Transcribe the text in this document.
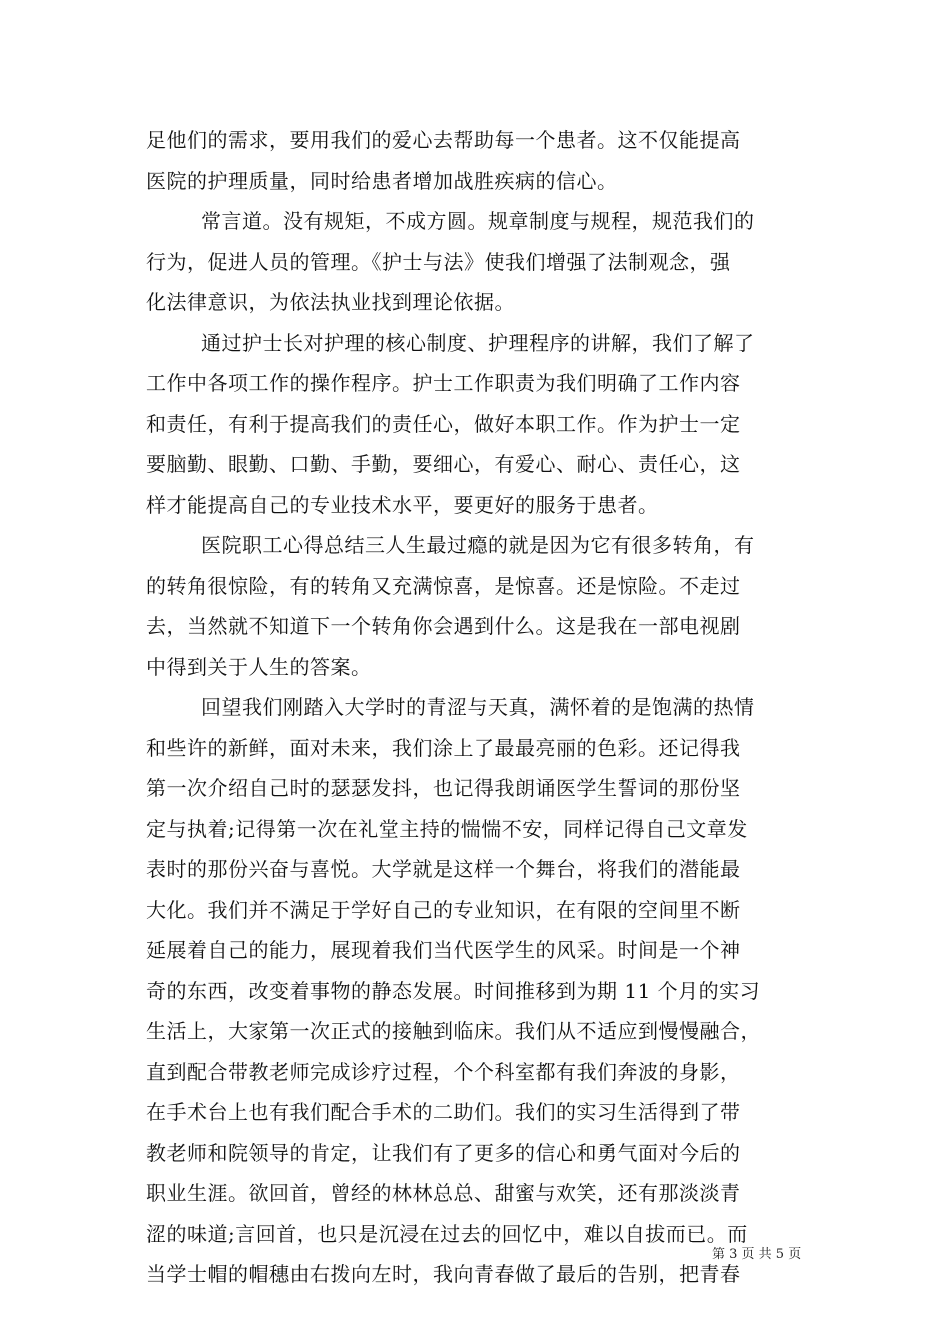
足他们的需求，要用我们的爱心去帮助每一个患者。这不仅能提高
医院的护理质量，同时给患者增加战胜疾病的信心。
常言道。没有规矩，不成方圆。规章制度与规程，规范我们的
行为，促进人员的管理。《护士与法》使我们增强了法制观念，强
化法律意识，为依法执业找到理论依据。
通过护士长对护理的核心制度、护理程序的讲解，我们了解了
工作中各项工作的操作程序。护士工作职责为我们明确了工作内容
和责任，有利于提高我们的责任心，做好本职工作。作为护士一定
要脑勤、眼勤、口勤、手勤，要细心，有爱心、耐心、责任心，这
样才能提高自己的专业技术水平，要更好的服务于患者。
医院职工心得总结三人生最过瘾的就是因为它有很多转角，有
的转角很惊险，有的转角又充满惊喜，是惊喜。还是惊险。不走过
去，当然就不知道下一个转角你会遇到什么。这是我在一部电视剧
中得到关于人生的答案。
回望我们刚踏入大学时的青涩与天真，满怀着的是饱满的热情
和些许的新鲜，面对未来，我们涂上了最最亮丽的色彩。还记得我
第一次介绍自己时的瑟瑟发抖，也记得我朗诵医学生誓词的那份坚
定与执着;记得第一次在礼堂主持的惴惴不安，同样记得自己文章发
表时的那份兴奋与喜悦。大学就是这样一个舞台，将我们的潜能最
大化。我们并不满足于学好自己的专业知识，在有限的空间里不断
延展着自己的能力，展现着我们当代医学生的风采。时间是一个神
奇的东西，改变着事物的静态发展。时间推移到为期 11 个月的实习
生活上，大家第一次正式的接触到临床。我们从不适应到慢慢融合，
直到配合带教老师完成诊疗过程，个个科室都有我们奔波的身影，
在手术台上也有我们配合手术的二助们。我们的实习生活得到了带
教老师和院领导的肯定，让我们有了更多的信心和勇气面对今后的
职业生涯。欲回首，曾经的林林总总、甜蜜与欢笑，还有那淡淡青
涩的味道;言回首，也只是沉浸在过去的回忆中，难以自拔而已。而
当学士帽的帽穗由右拨向左时，我向青春做了最后的告别，把青春
第 3 页 共 5 页
